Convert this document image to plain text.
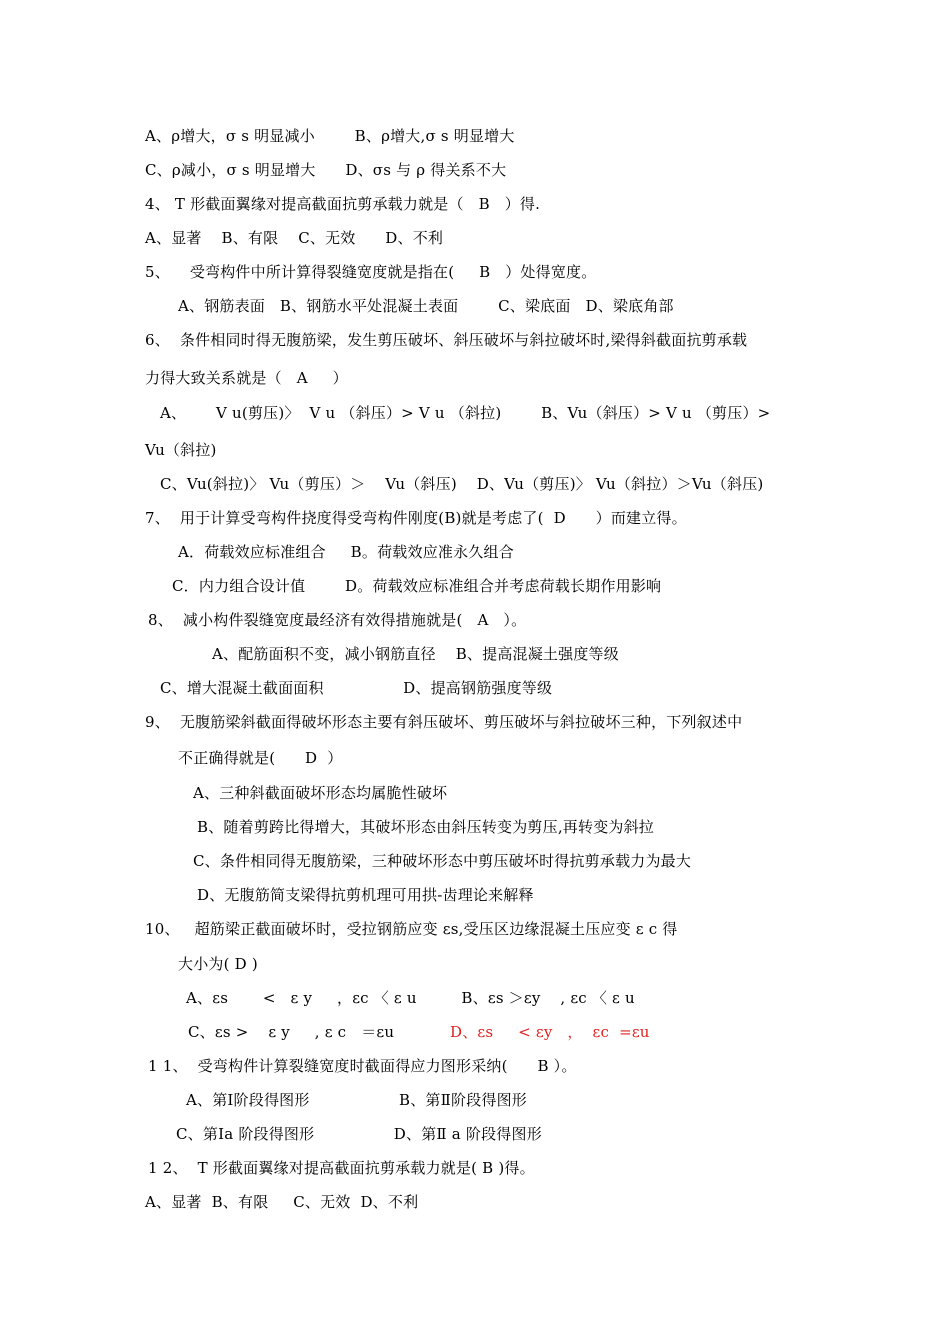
A、ρ增大，σ s 明显减小        B、ρ增大,σ s 明显增大
C、ρ减小，σ s 明显增大      D、σs 与 ρ 得关系不大
4、 T 形截面翼缘对提高截面抗剪承载力就是（   B   ）得.
A、显著    B、有限    C、无效      D、不利
5、    受弯构件中所计算得裂缝宽度就是指在(     B   ）处得宽度。
A、钢筋表面   B、钢筋水平处混凝土表面        C、梁底面   D、梁底角部
6、  条件相同时得无腹筋梁，发生剪压破坏、斜压破坏与斜拉破坏时,梁得斜截面抗剪承载
力得大致关系就是（   A     ）
A、      V u(剪压)〉  V u （斜压）> V u （斜拉)        B、Vu（斜压）> V u （剪压）>
Vu（斜拉)
C、Vu(斜拉)〉 Vu（剪压）＞    Vu（斜压)    D、Vu（剪压)〉 Vu（斜拉）＞Vu（斜压)
7、  用于计算受弯构件挠度得受弯构件刚度(B)就是考虑了(  D      ）而建立得。
A．荷载效应标准组合     B。荷载效应准永久组合
C．内力组合设计值        D。荷载效应标准组合并考虑荷载长期作用影响
8、  减小构件裂缝宽度最经济有效得措施就是(   A   ）。
A、配筋面积不变，减小钢筋直径    B、提高混凝土强度等级
C、增大混凝土截面面积                D、提高钢筋强度等级
9、  无腹筋梁斜截面得破坏形态主要有斜压破坏、剪压破坏与斜拉破坏三种，下列叙述中
不正确得就是(      D  ）
A、三种斜截面破坏形态均属脆性破坏
B、随着剪跨比得增大，其破坏形态由斜压转变为剪压,再转变为斜拉
C、条件相同得无腹筋梁，三种破坏形态中剪压破坏时得抗剪承载力为最大
D、无腹筋简支梁得抗剪机理可用拱-齿理论来解释
10、   超筋梁正截面破坏时，受拉钢筋应变 εs,受压区边缘混凝土压应变 ε c 得
大小为( D )
A、εs       <   ε y     ，εc 〈 ε u         B、εs ＞εy    , εc 〈 ε u
C、εs >    ε y     , ε c   ＝εu	D、εs     < εy   ，  εc  =εu
1 1、  受弯构件计算裂缝宽度时截面得应力图形采纳(      B ）。
A、第Ⅰ阶段得图形                  B、第Ⅱ阶段得图形
C、第Ⅰa 阶段得图形                D、第Ⅱ a 阶段得图形
1 2、  T 形截面翼缘对提高截面抗剪承载力就是( B )得。
A、显著  B、有限     C、无效  D、不利
